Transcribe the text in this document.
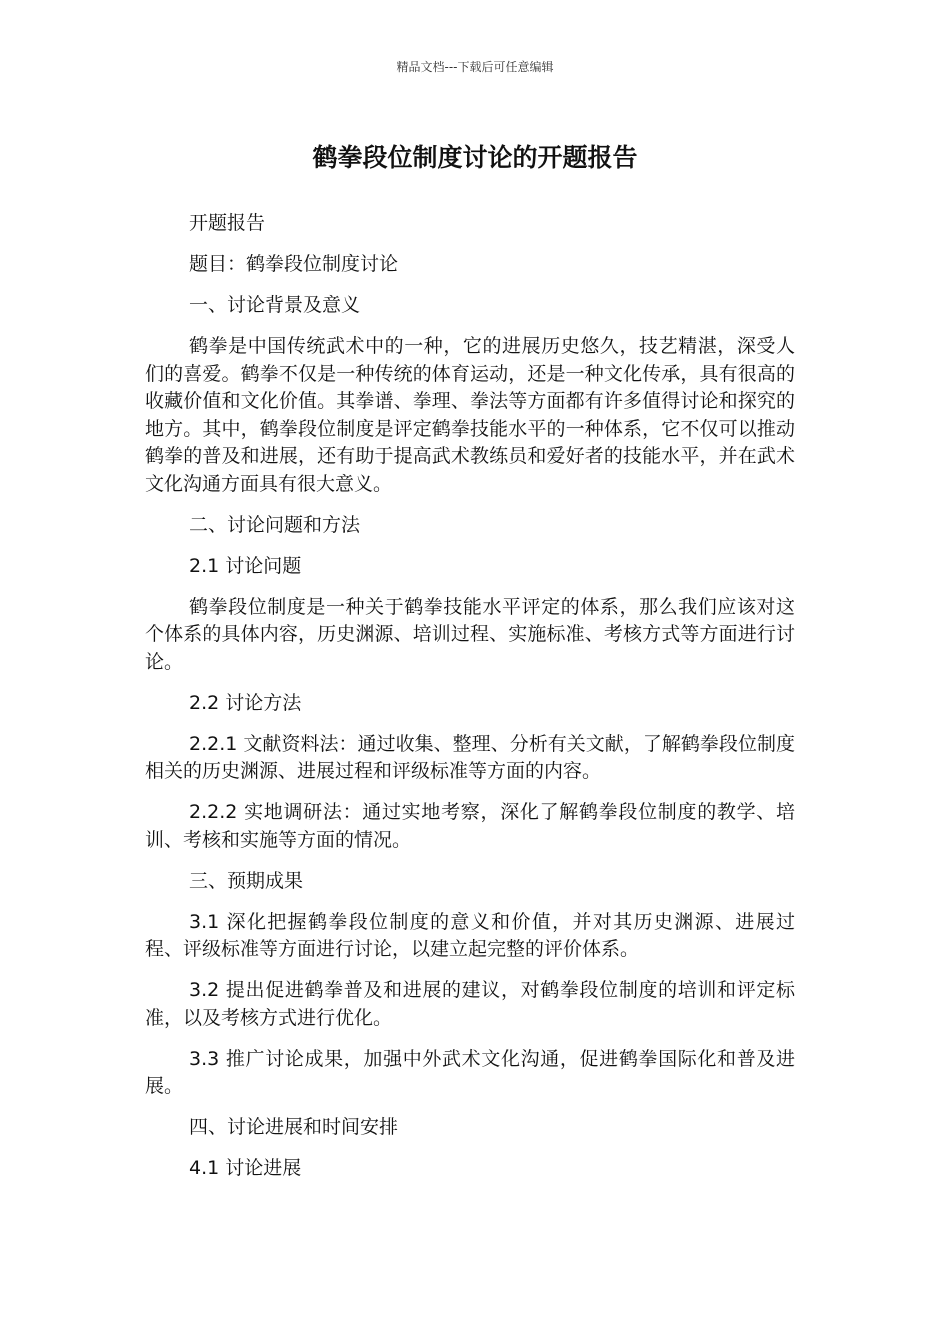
精品文档---下载后可任意编辑
鹤拳段位制度讨论的开题报告

开题报告

题目：鹤拳段位制度讨论

一、讨论背景及意义

鹤拳是中国传统武术中的一种，它的进展历史悠久，技艺精湛，深受人们的喜爱。鹤拳不仅是一种传统的体育运动，还是一种文化传承，具有很高的收藏价值和文化价值。其拳谱、拳理、拳法等方面都有许多值得讨论和探究的地方。其中，鹤拳段位制度是评定鹤拳技能水平的一种体系，它不仅可以推动鹤拳的普及和进展，还有助于提高武术教练员和爱好者的技能水平，并在武术文化沟通方面具有很大意义。

二、讨论问题和方法

2.1 讨论问题

鹤拳段位制度是一种关于鹤拳技能水平评定的体系，那么我们应该对这个体系的具体内容，历史渊源、培训过程、实施标准、考核方式等方面进行讨论。

2.2 讨论方法

2.2.1 文献资料法：通过收集、整理、分析有关文献，了解鹤拳段位制度相关的历史渊源、进展过程和评级标准等方面的内容。

2.2.2 实地调研法：通过实地考察，深化了解鹤拳段位制度的教学、培训、考核和实施等方面的情况。

三、预期成果

3.1 深化把握鹤拳段位制度的意义和价值，并对其历史渊源、进展过程、评级标准等方面进行讨论，以建立起完整的评价体系。

3.2 提出促进鹤拳普及和进展的建议，对鹤拳段位制度的培训和评定标准，以及考核方式进行优化。

3.3 推广讨论成果，加强中外武术文化沟通，促进鹤拳国际化和普及进展。

四、讨论进展和时间安排

4.1 讨论进展
